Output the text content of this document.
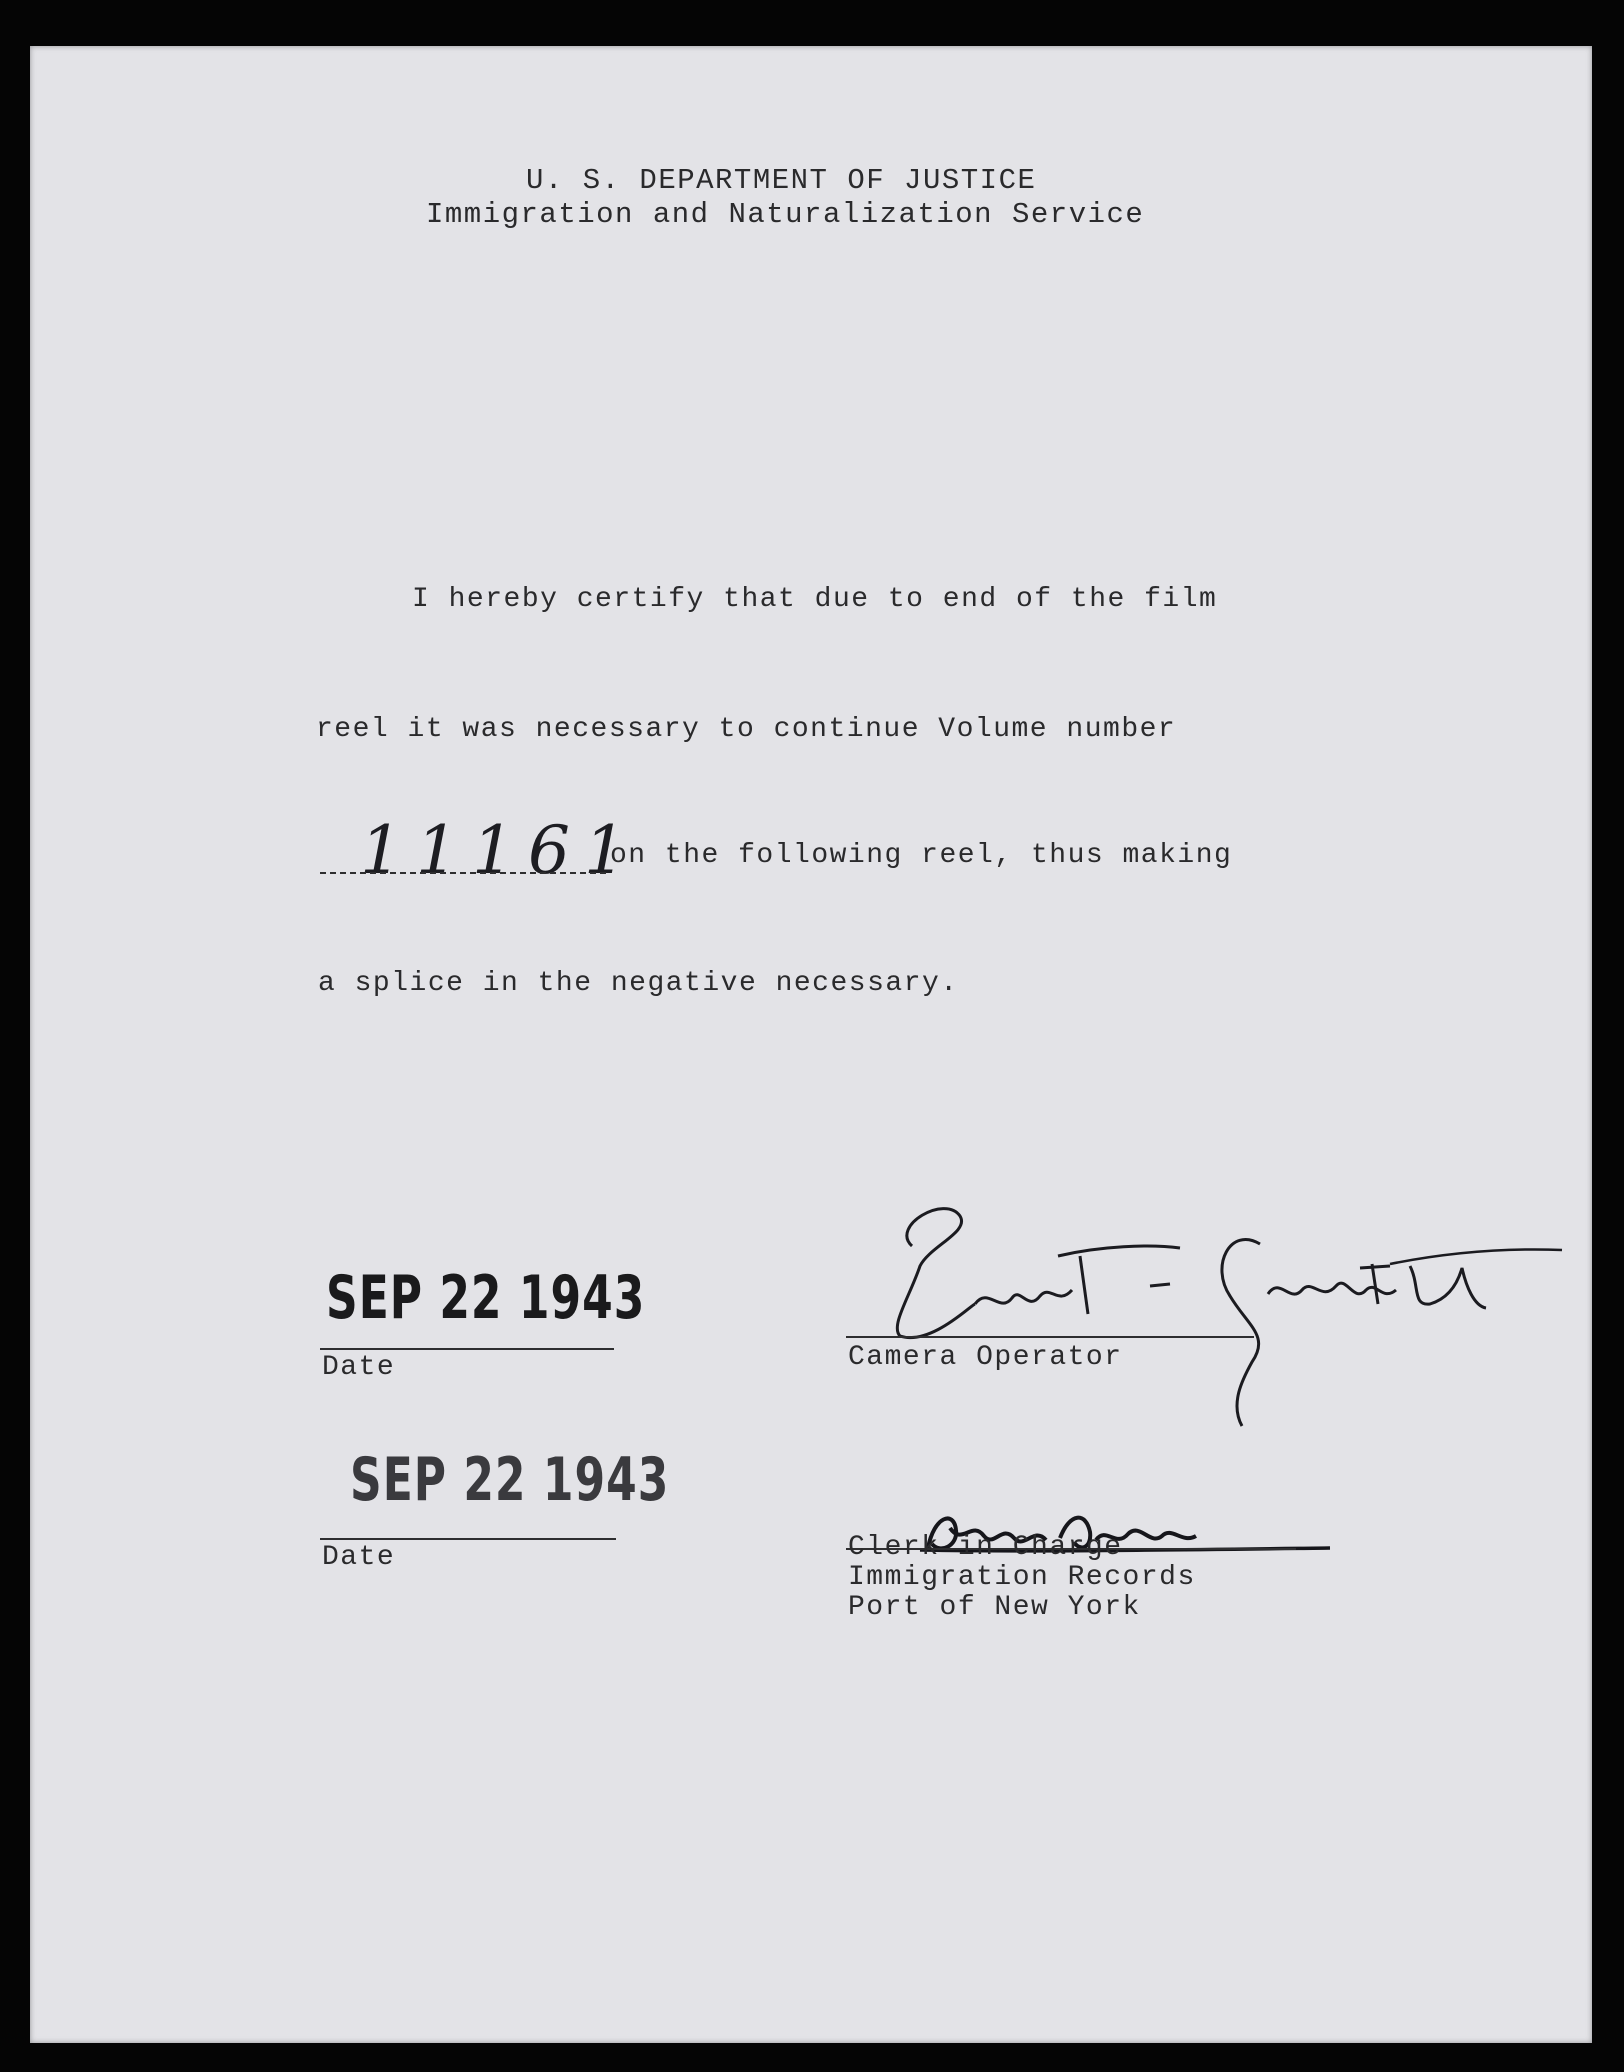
U. S. DEPARTMENT OF JUSTICE
Immigration and Naturalization Service
I hereby certify that due to end of the film
reel it was necessary to continue Volume number
11161
on the following reel, thus making
a splice in the negative necessary.
SEP 22 1943
Date	Camera Operator
SEP 22 1943
Date	Clerk in Charge
Immigration Records
Port of New York
